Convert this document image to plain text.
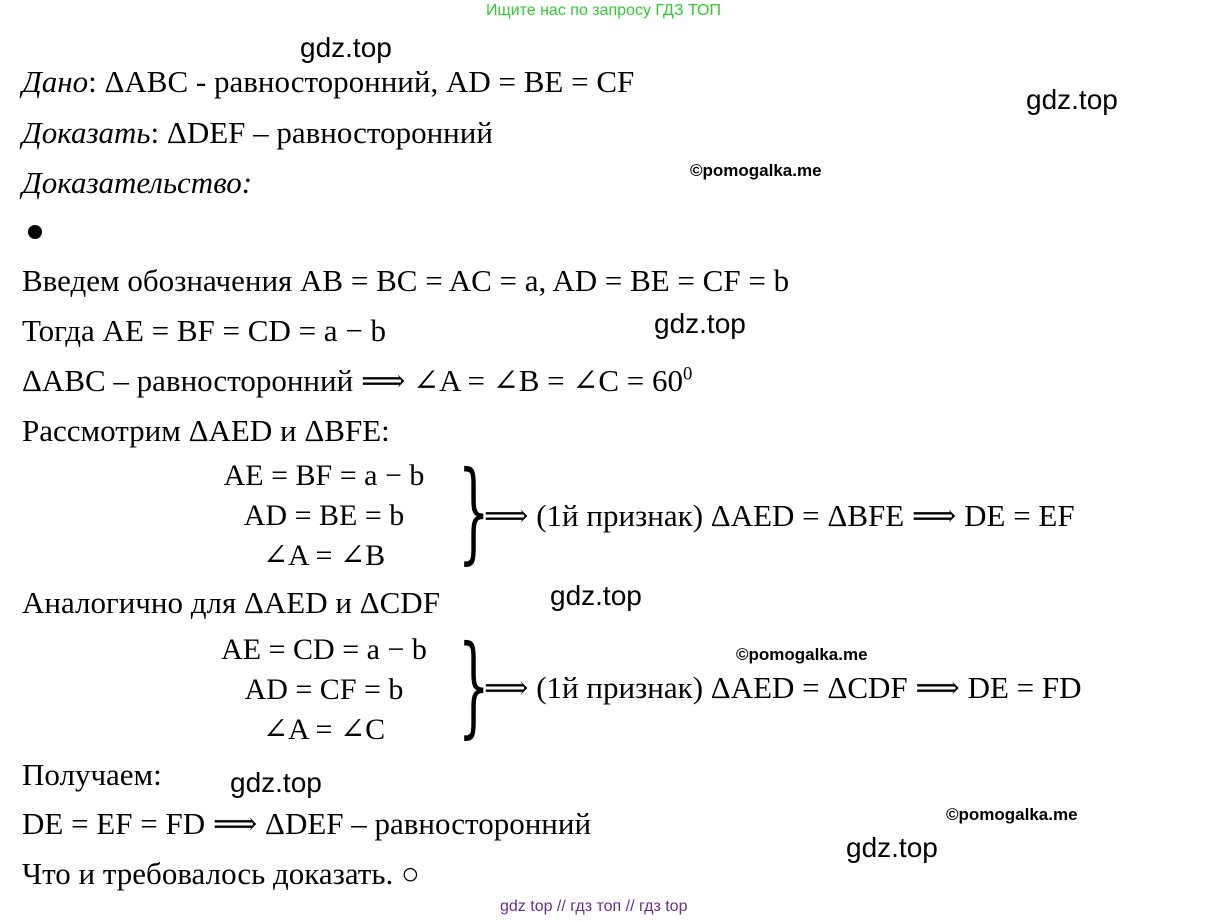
Ищите нас по запросу ГДЗ ТОП
gdz.top
gdz.top
©pomogalka.me
gdz.top
gdz.top
©pomogalka.me
gdz.top
©pomogalka.me
gdz.top
Дано: ΔABC - равносторонний, AD = BE = CF
Доказать: ΔDEF – равносторонний
Доказательство:
Введем обозначения AB = BC = AC = a, AD = BE = CF = b
Тогда AE = BF = CD = a − b
ΔABC – равносторонний ⟹ ∠A = ∠B = ∠C = $60^0$
Рассмотрим ΔAED и ΔBFE:
AE = BF = a − b
AD = BE = b
∠A = ∠B }
⟹ (1й признак) ΔAED = ΔBFE ⟹ DE = EF
Аналогично для ΔAED и ΔCDF
AE = CD = a − b
AD = CF = b
∠A = ∠C }
⟹ (1й признак) ΔAED = ΔCDF ⟹ DE = FD
Получаем:
DE = EF = FD ⟹ ΔDEF – равносторонний
Что и требовалось доказать. ○
gdz top // гдз топ // гдз top
